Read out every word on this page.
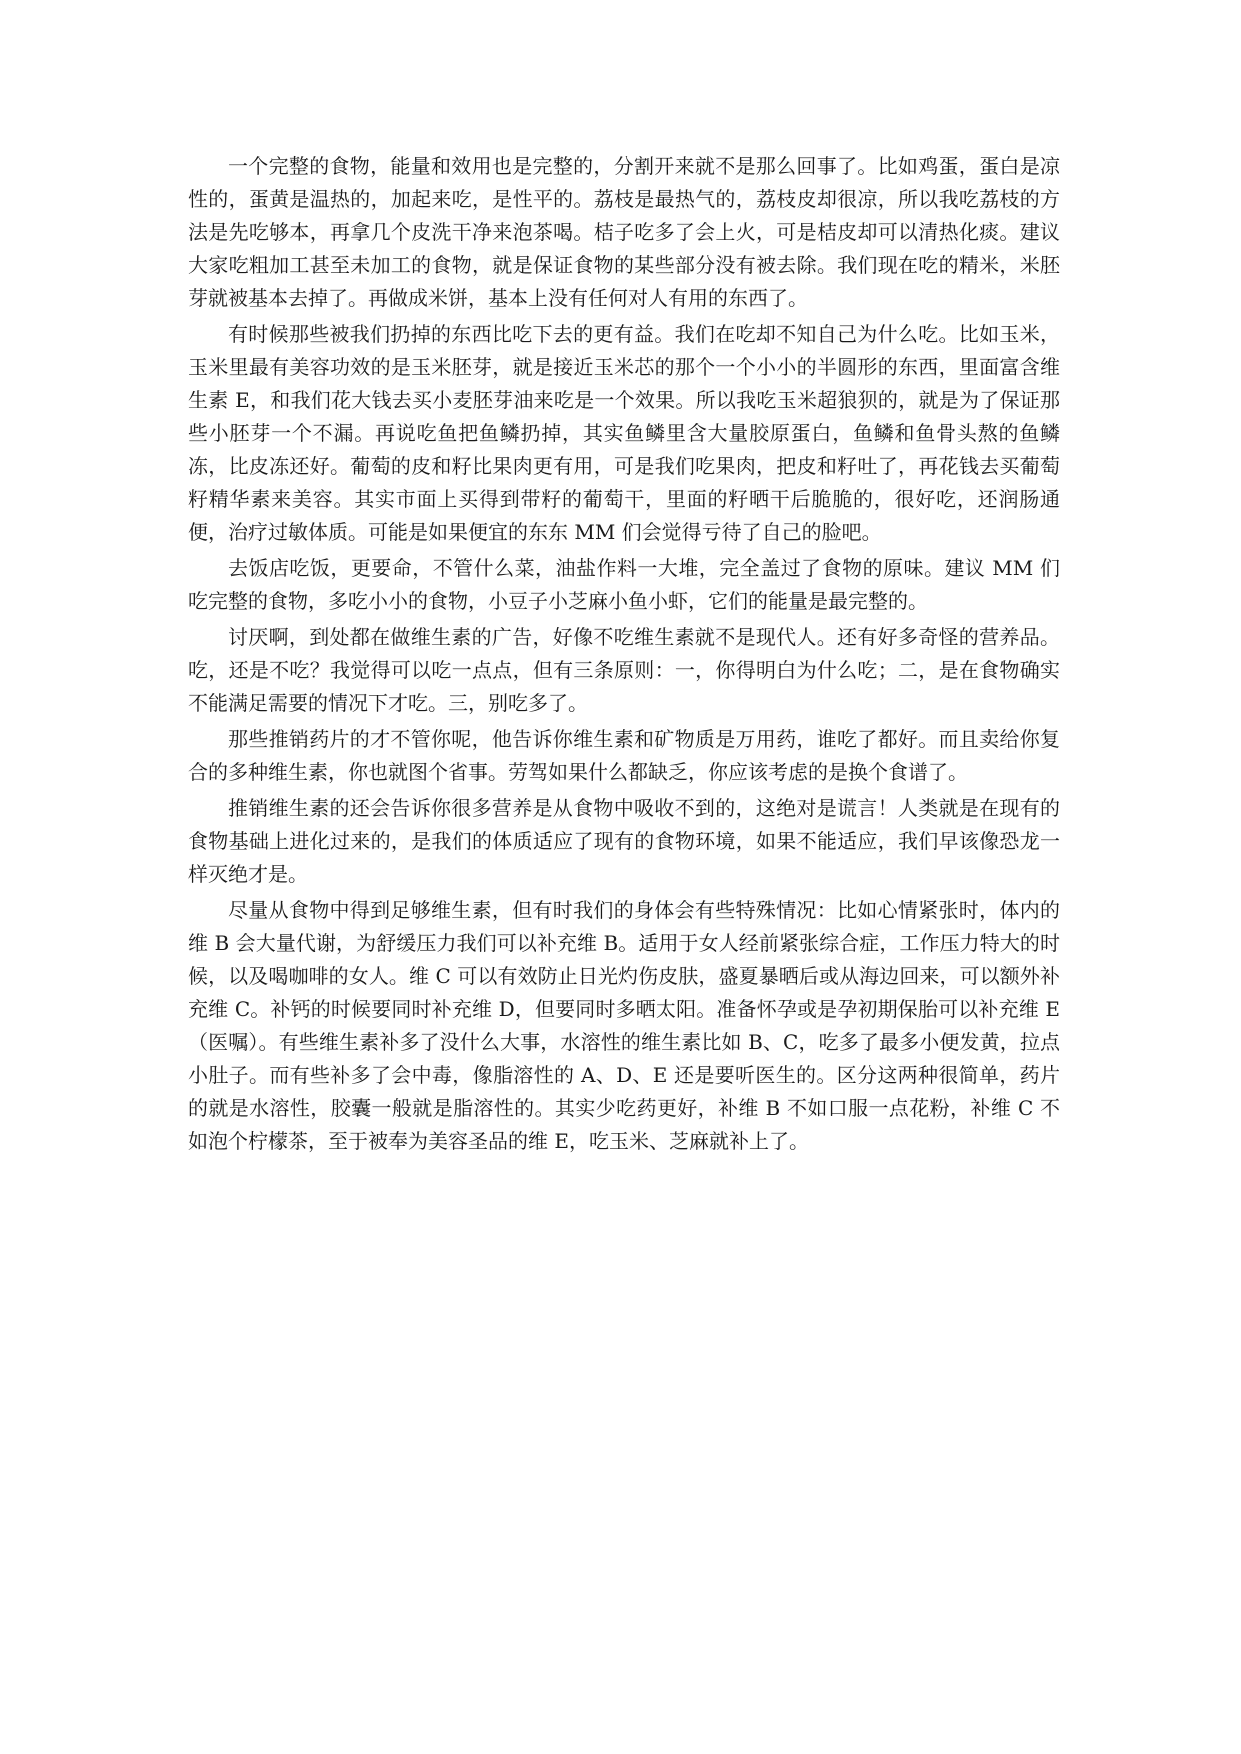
一个完整的食物，能量和效用也是完整的，分割开来就不是那么回事了。比如鸡蛋，蛋白是凉性的，蛋黄是温热的，加起来吃，是性平的。荔枝是最热气的，荔枝皮却很凉，所以我吃荔枝的方法是先吃够本，再拿几个皮洗干净来泡茶喝。桔子吃多了会上火，可是桔皮却可以清热化痰。建议大家吃粗加工甚至未加工的食物，就是保证食物的某些部分没有被去除。我们现在吃的精米，米胚芽就被基本去掉了。再做成米饼，基本上没有任何对人有用的东西了。

有时候那些被我们扔掉的东西比吃下去的更有益。我们在吃却不知自己为什么吃。比如玉米，玉米里最有美容功效的是玉米胚芽，就是接近玉米芯的那个一个小小的半圆形的东西，里面富含维生素 E，和我们花大钱去买小麦胚芽油来吃是一个效果。所以我吃玉米超狼狈的，就是为了保证那些小胚芽一个不漏。再说吃鱼把鱼鳞扔掉，其实鱼鳞里含大量胶原蛋白，鱼鳞和鱼骨头熬的鱼鳞冻，比皮冻还好。葡萄的皮和籽比果肉更有用，可是我们吃果肉，把皮和籽吐了，再花钱去买葡萄籽精华素来美容。其实市面上买得到带籽的葡萄干，里面的籽晒干后脆脆的，很好吃，还润肠通便，治疗过敏体质。可能是如果便宜的东东 MM 们会觉得亏待了自己的脸吧。

去饭店吃饭，更要命，不管什么菜，油盐作料一大堆，完全盖过了食物的原味。建议 MM 们吃完整的食物，多吃小小的食物，小豆子小芝麻小鱼小虾，它们的能量是最完整的。

讨厌啊，到处都在做维生素的广告，好像不吃维生素就不是现代人。还有好多奇怪的营养品。吃，还是不吃？我觉得可以吃一点点，但有三条原则：一，你得明白为什么吃；二，是在食物确实不能满足需要的情况下才吃。三，别吃多了。

那些推销药片的才不管你呢，他告诉你维生素和矿物质是万用药，谁吃了都好。而且卖给你复合的多种维生素，你也就图个省事。劳驾如果什么都缺乏，你应该考虑的是换个食谱了。

推销维生素的还会告诉你很多营养是从食物中吸收不到的，这绝对是谎言！人类就是在现有的食物基础上进化过来的，是我们的体质适应了现有的食物环境，如果不能适应，我们早该像恐龙一样灭绝才是。

尽量从食物中得到足够维生素，但有时我们的身体会有些特殊情况：比如心情紧张时，体内的维 B 会大量代谢，为舒缓压力我们可以补充维 B。适用于女人经前紧张综合症，工作压力特大的时候，以及喝咖啡的女人。维 C 可以有效防止日光灼伤皮肤，盛夏暴晒后或从海边回来，可以额外补充维 C。补钙的时候要同时补充维 D，但要同时多晒太阳。准备怀孕或是孕初期保胎可以补充维 E（医嘱）。有些维生素补多了没什么大事，水溶性的维生素比如 B、C，吃多了最多小便发黄，拉点小肚子。而有些补多了会中毒，像脂溶性的 A、D、E 还是要听医生的。区分这两种很简单，药片的就是水溶性，胶囊一般就是脂溶性的。其实少吃药更好，补维 B 不如口服一点花粉，补维 C 不如泡个柠檬茶，至于被奉为美容圣品的维 E，吃玉米、芝麻就补上了。
